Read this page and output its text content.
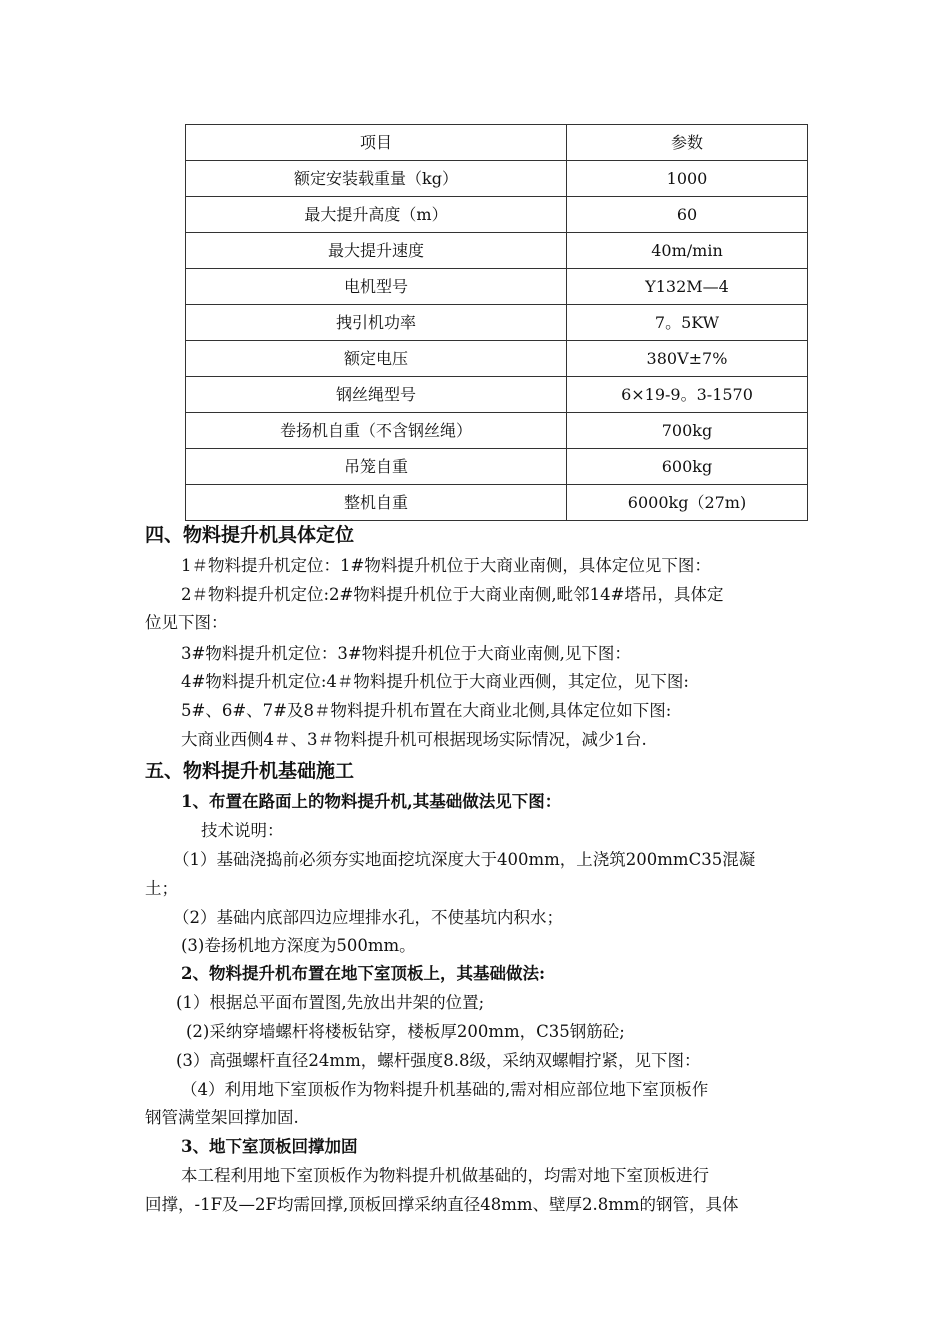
项目	参数
额定安装载重量（kg）	1000
最大提升高度（m）	60
最大提升速度	40m/min
电机型号	Y132M—4
拽引机功率	7。5KW
额定电压	380V±7%
钢丝绳型号	6×19-9。3-1570
卷扬机自重（不含钢丝绳）	700kg
吊笼自重	600kg
整机自重	6000kg（27m)
四、物料提升机具体定位
1＃物料提升机定位：1#物料提升机位于大商业南侧，具体定位见下图：
2＃物料提升机定位:2#物料提升机位于大商业南侧,毗邻14#塔吊，具体定
位见下图：
3#物料提升机定位：3#物料提升机位于大商业南侧,见下图：
4#物料提升机定位:4＃物料提升机位于大商业西侧，其定位，见下图:
5#、6#、7#及8＃物料提升机布置在大商业北侧,具体定位如下图:
大商业西侧4＃、3＃物料提升机可根据现场实际情况，减少1台.
五、物料提升机基础施工
1、布置在路面上的物料提升机,其基础做法见下图：
技术说明：
（1）基础浇捣前必须夯实地面挖坑深度大于400mm，上浇筑200mmC35混凝
土；
（2）基础内底部四边应埋排水孔，不使基坑内积水；
(3)卷扬机地方深度为500mm。
2、物料提升机布置在地下室顶板上，其基础做法:
(1）根据总平面布置图,先放出井架的位置;
(2)采纳穿墙螺杆将楼板钻穿，楼板厚200mm，C35钢筋砼;
(3）高强螺杆直径24mm，螺杆强度8.8级，采纳双螺帽拧紧，见下图：
（4）利用地下室顶板作为物料提升机基础的,需对相应部位地下室顶板作
钢管满堂架回撑加固.
3、地下室顶板回撑加固
本工程利用地下室顶板作为物料提升机做基础的，均需对地下室顶板进行
回撑，-1F及—2F均需回撑,顶板回撑采纳直径48mm、壁厚2.8mm的钢管，具体
